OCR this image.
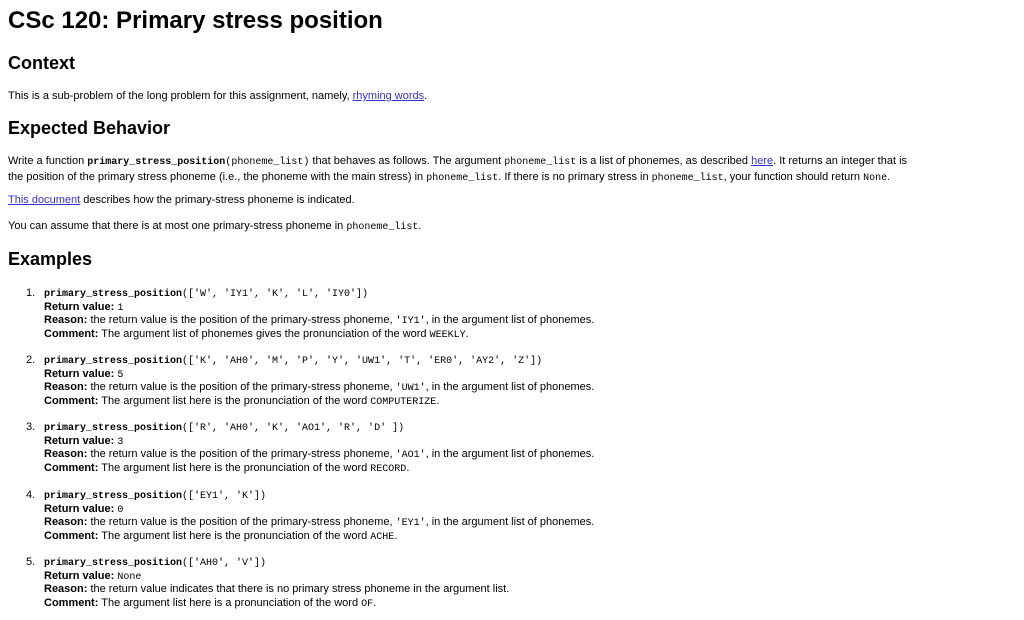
CSc 120: Primary stress position
Context

This is a sub-problem of the long problem for this assignment, namely, rhyming words.

Expected Behavior

Write a function primary_stress_position(phoneme_list) that behaves as follows. The argument phoneme_list is a list of phonemes, as described here. It returns an integer that is
the position of the primary stress phoneme (i.e., the phoneme with the main stress) in phoneme_list. If there is no primary stress in phoneme_list, your function should return None.

This document describes how the primary-stress phoneme is indicated.

You can assume that there is at most one primary-stress phoneme in phoneme_list.

Examples
1. primary_stress_position(['W', 'IY1', 'K', 'L', 'IY0'])
Return value: 1
Reason: the return value is the position of the primary-stress phoneme, 'IY1', in the argument list of phonemes.
Comment: The argument list of phonemes gives the pronunciation of the word WEEKLY.
2. primary_stress_position(['K', 'AH0', 'M', 'P', 'Y', 'UW1', 'T', 'ER0', 'AY2', 'Z'])
Return value: 5
Reason: the return value is the position of the primary-stress phoneme, 'UW1', in the argument list of phonemes.
Comment: The argument list here is the pronunciation of the word COMPUTERIZE.
3. primary_stress_position(['R', 'AH0', 'K', 'AO1', 'R', 'D' ])
Return value: 3
Reason: the return value is the position of the primary-stress phoneme, 'AO1', in the argument list of phonemes.
Comment: The argument list here is the pronunciation of the word RECORD.
4. primary_stress_position(['EY1', 'K'])
Return value: 0
Reason: the return value is the position of the primary-stress phoneme, 'EY1', in the argument list of phonemes.
Comment: The argument list here is the pronunciation of the word ACHE.
5. primary_stress_position(['AH0', 'V'])
Return value: None
Reason: the return value indicates that there is no primary stress phoneme in the argument list.
Comment: The argument list here is a pronunciation of the word OF.
